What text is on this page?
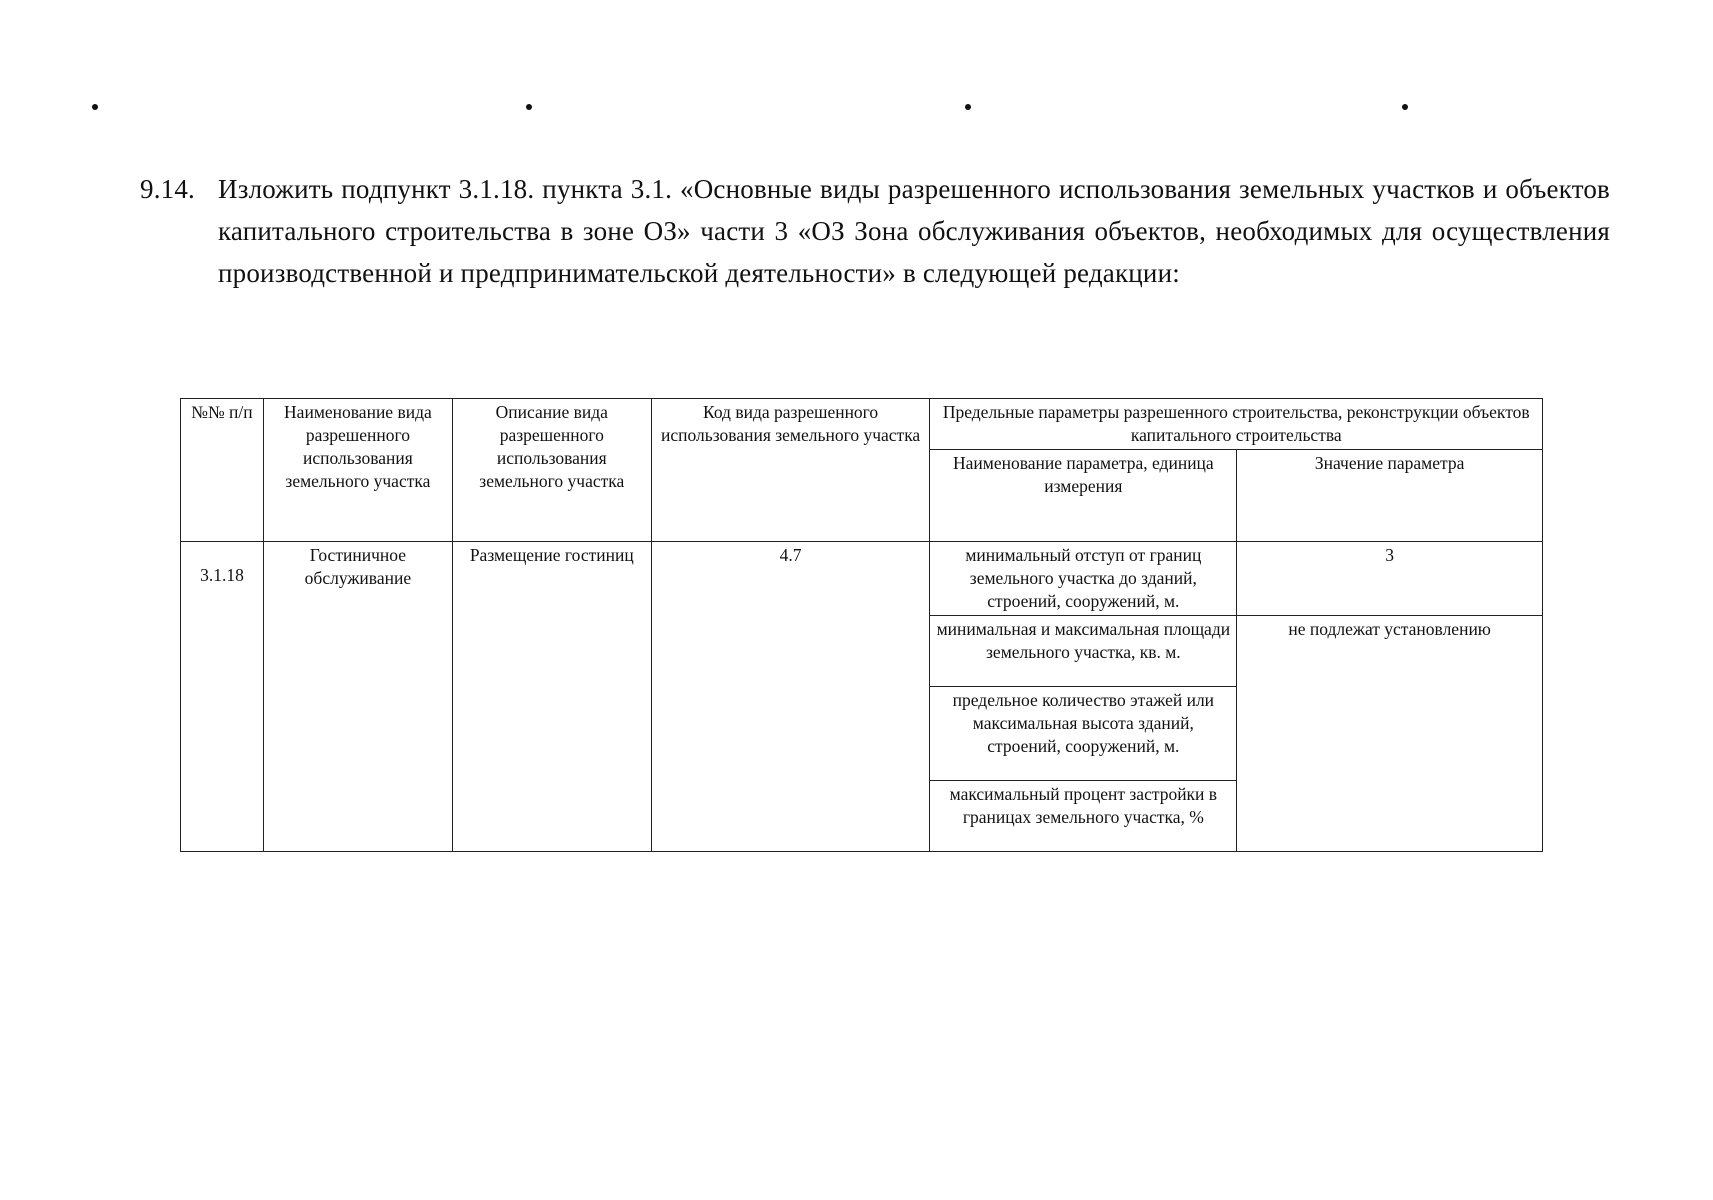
9.14. Изложить подпункт 3.1.18. пункта 3.1. «Основные виды разрешенного использования земельных участков и объектов капитального строительства в зоне ОЗ» части 3 «ОЗ Зона обслуживания объектов, необходимых для осуществления производственной и предпринимательской деятельности» в следующей редакции:
№№ п/п	Наименование вида разрешенного использования земельного участка	Описание вида разрешенного использования земельного участка	Код вида разрешенного использования земельного участка	Предельные параметры разрешенного строительства, реконструкции объектов капитального строительства	
				Наименование параметра, единица измерения	Значение параметра
3.1.18	Гостиничное обслуживание	Размещение гостиниц	4.7	минимальный отступ от границ земельного участка до зданий, строений, сооружений, м.	3
				минимальная и максимальная площади земельного участка, кв. м.	не подлежат установлению
				предельное количество этажей или максимальная высота зданий, строений, сооружений, м.	
				максимальный процент застройки в границах земельного участка, %	
